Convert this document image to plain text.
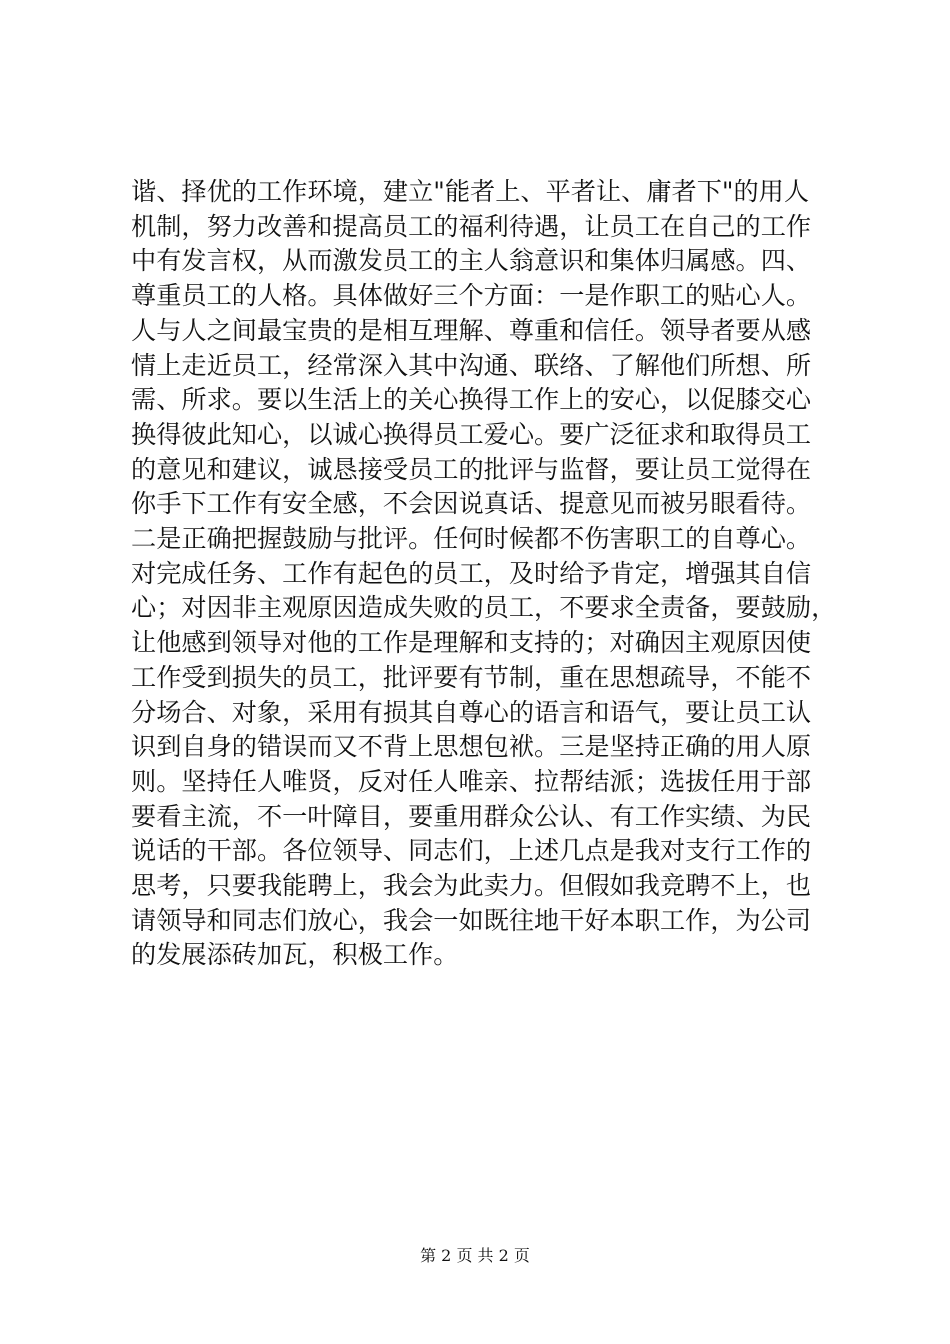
谐、择优的工作环境，建立"能者上、平者让、庸者下"的用人
机制，努力改善和提高员工的福利待遇，让员工在自己的工作
中有发言权，从而激发员工的主人翁意识和集体归属感。四、
尊重员工的人格。具体做好三个方面：一是作职工的贴心人。
人与人之间最宝贵的是相互理解、尊重和信任。领导者要从感
情上走近员工，经常深入其中沟通、联络、了解他们所想、所
需、所求。要以生活上的关心换得工作上的安心，以促膝交心
换得彼此知心，以诚心换得员工爱心。要广泛征求和取得员工
的意见和建议，诚恳接受员工的批评与监督，要让员工觉得在
你手下工作有安全感，不会因说真话、提意见而被另眼看待。
二是正确把握鼓励与批评。任何时候都不伤害职工的自尊心。
对完成任务、工作有起色的员工，及时给予肯定，增强其自信
心；对因非主观原因造成失败的员工，不要求全责备，要鼓励，
让他感到领导对他的工作是理解和支持的；对确因主观原因使
工作受到损失的员工，批评要有节制，重在思想疏导，不能不
分场合、对象，采用有损其自尊心的语言和语气，要让员工认
识到自身的错误而又不背上思想包袱。三是坚持正确的用人原
则。坚持任人唯贤，反对任人唯亲、拉帮结派；选拔任用于部
要看主流，不一叶障目，要重用群众公认、有工作实绩、为民
说话的干部。各位领导、同志们，上述几点是我对支行工作的
思考，只要我能聘上，我会为此卖力。但假如我竞聘不上，也
请领导和同志们放心，我会一如既往地干好本职工作，为公司
的发展添砖加瓦，积极工作。
第 2 页 共 2 页
